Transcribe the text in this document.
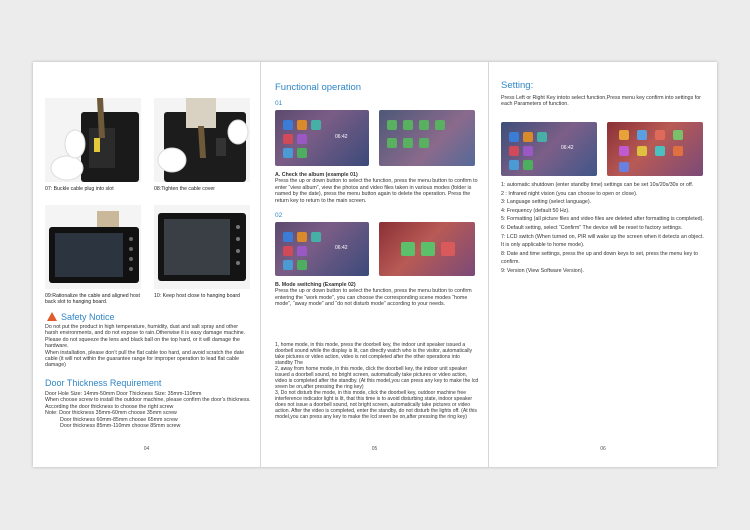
07: Buckle cable plug into slot	08:Tighten the cable cover
09:Rationalize the cable and aligned host back slot to hanging board.
10: Keep host close to hanging board
Safety Notice

Do not put the product in high temperature, humidity, dust and salt spray and other harsh environments, and do not expose to rain.Otherwise it is easy damage machine.

Please do not squeeze the lens and black ball on the top hard, or it will damage the hardware.

When installation, please don’t pull the flat cable too hard, and avoid scratch the date cable (it will not within the guarantee range for improper operation to lead flat cable damage)

Door Thickness Requirement

Door Hole Size: 14mm-50mm Door Thickness Size: 35mm-110mm

When choose screw to install the outdoor machine, please confirm the door’s thickness. According the door thickness to choose the right screw

Note: Door thickness 35mm-60mm choose 35mm screw

Door thickness 60mm-85mm choose 65mm screw

Door thickness 85mm-110mm choose 85mm screw

04
Functional operation
01
06:42

A. Check the album (example 01)

Press the up or down button to select the function, press the menu button to confirm to enter “view album”, view the photos and video files taken in various modes (folder is named by the date), press the menu button again to delete the operation. Press the return key to return to the main screen.

02
06:42

B. Mode switching (Example 02)

Press the up or down button to select the function, press the menu button to confirm entering the “work mode”, you can choose the corresponding scene modes “home mode”, “away mode” and “do not disturb mode” according to your needs.

1, home mode, in this mode, press the doorbell key, the indoor unit speaker issued a doorbell sound while the display is lit, can directly watch who is the visitor, automatically take pictures or video action, video is not completed after the other operations into standby The
2, away from home mode, in this mode, click the doorbell key, the indoor unit speaker issued a doorbell sound, no bright screen, automatically take pictures or video action, video is completed after the standby. (At this model,you can press any key to make the lcd sreen be on,after pressing the ring key)
3, Do not disturb the mode, in this mode, click the doorbell key, outdoor machine free interference indicator light is lit, that this time is to avoid disturbing state, indoor speaker does not issue a doorbell sound, not bright screen, automatically take pictures or video action. After the video is completed, enter the standby, do not disturb the lights off. (At this model,you can press any key to make the lcd sreen be on,after pressing the ring key)
05
Setting:
Press Left or Right Key intoto select function,Press menu key confirm into settings for each Parameters of function.
06:42

1: automatic shutdown (enter standby time) settings can be set 10s/20s/30s or off.

2 : Infrared night vision (you can choose to open or close).

3: Language setting (select language).

4: Frequency (default 50 Hz).

5: Formatting (all picture files and video files are deleted after formatting is completed).

6: Default setting, select “Confirm” The device will be reset to factory settings.

7: LCD switch (When turned on, PIR will wake up the screen when it detects an object. It is only applicable to home mode).

8: Date and time settings, press the up and down keys to set, press the menu key to confirm.

9: Version (View Software Version).

06
